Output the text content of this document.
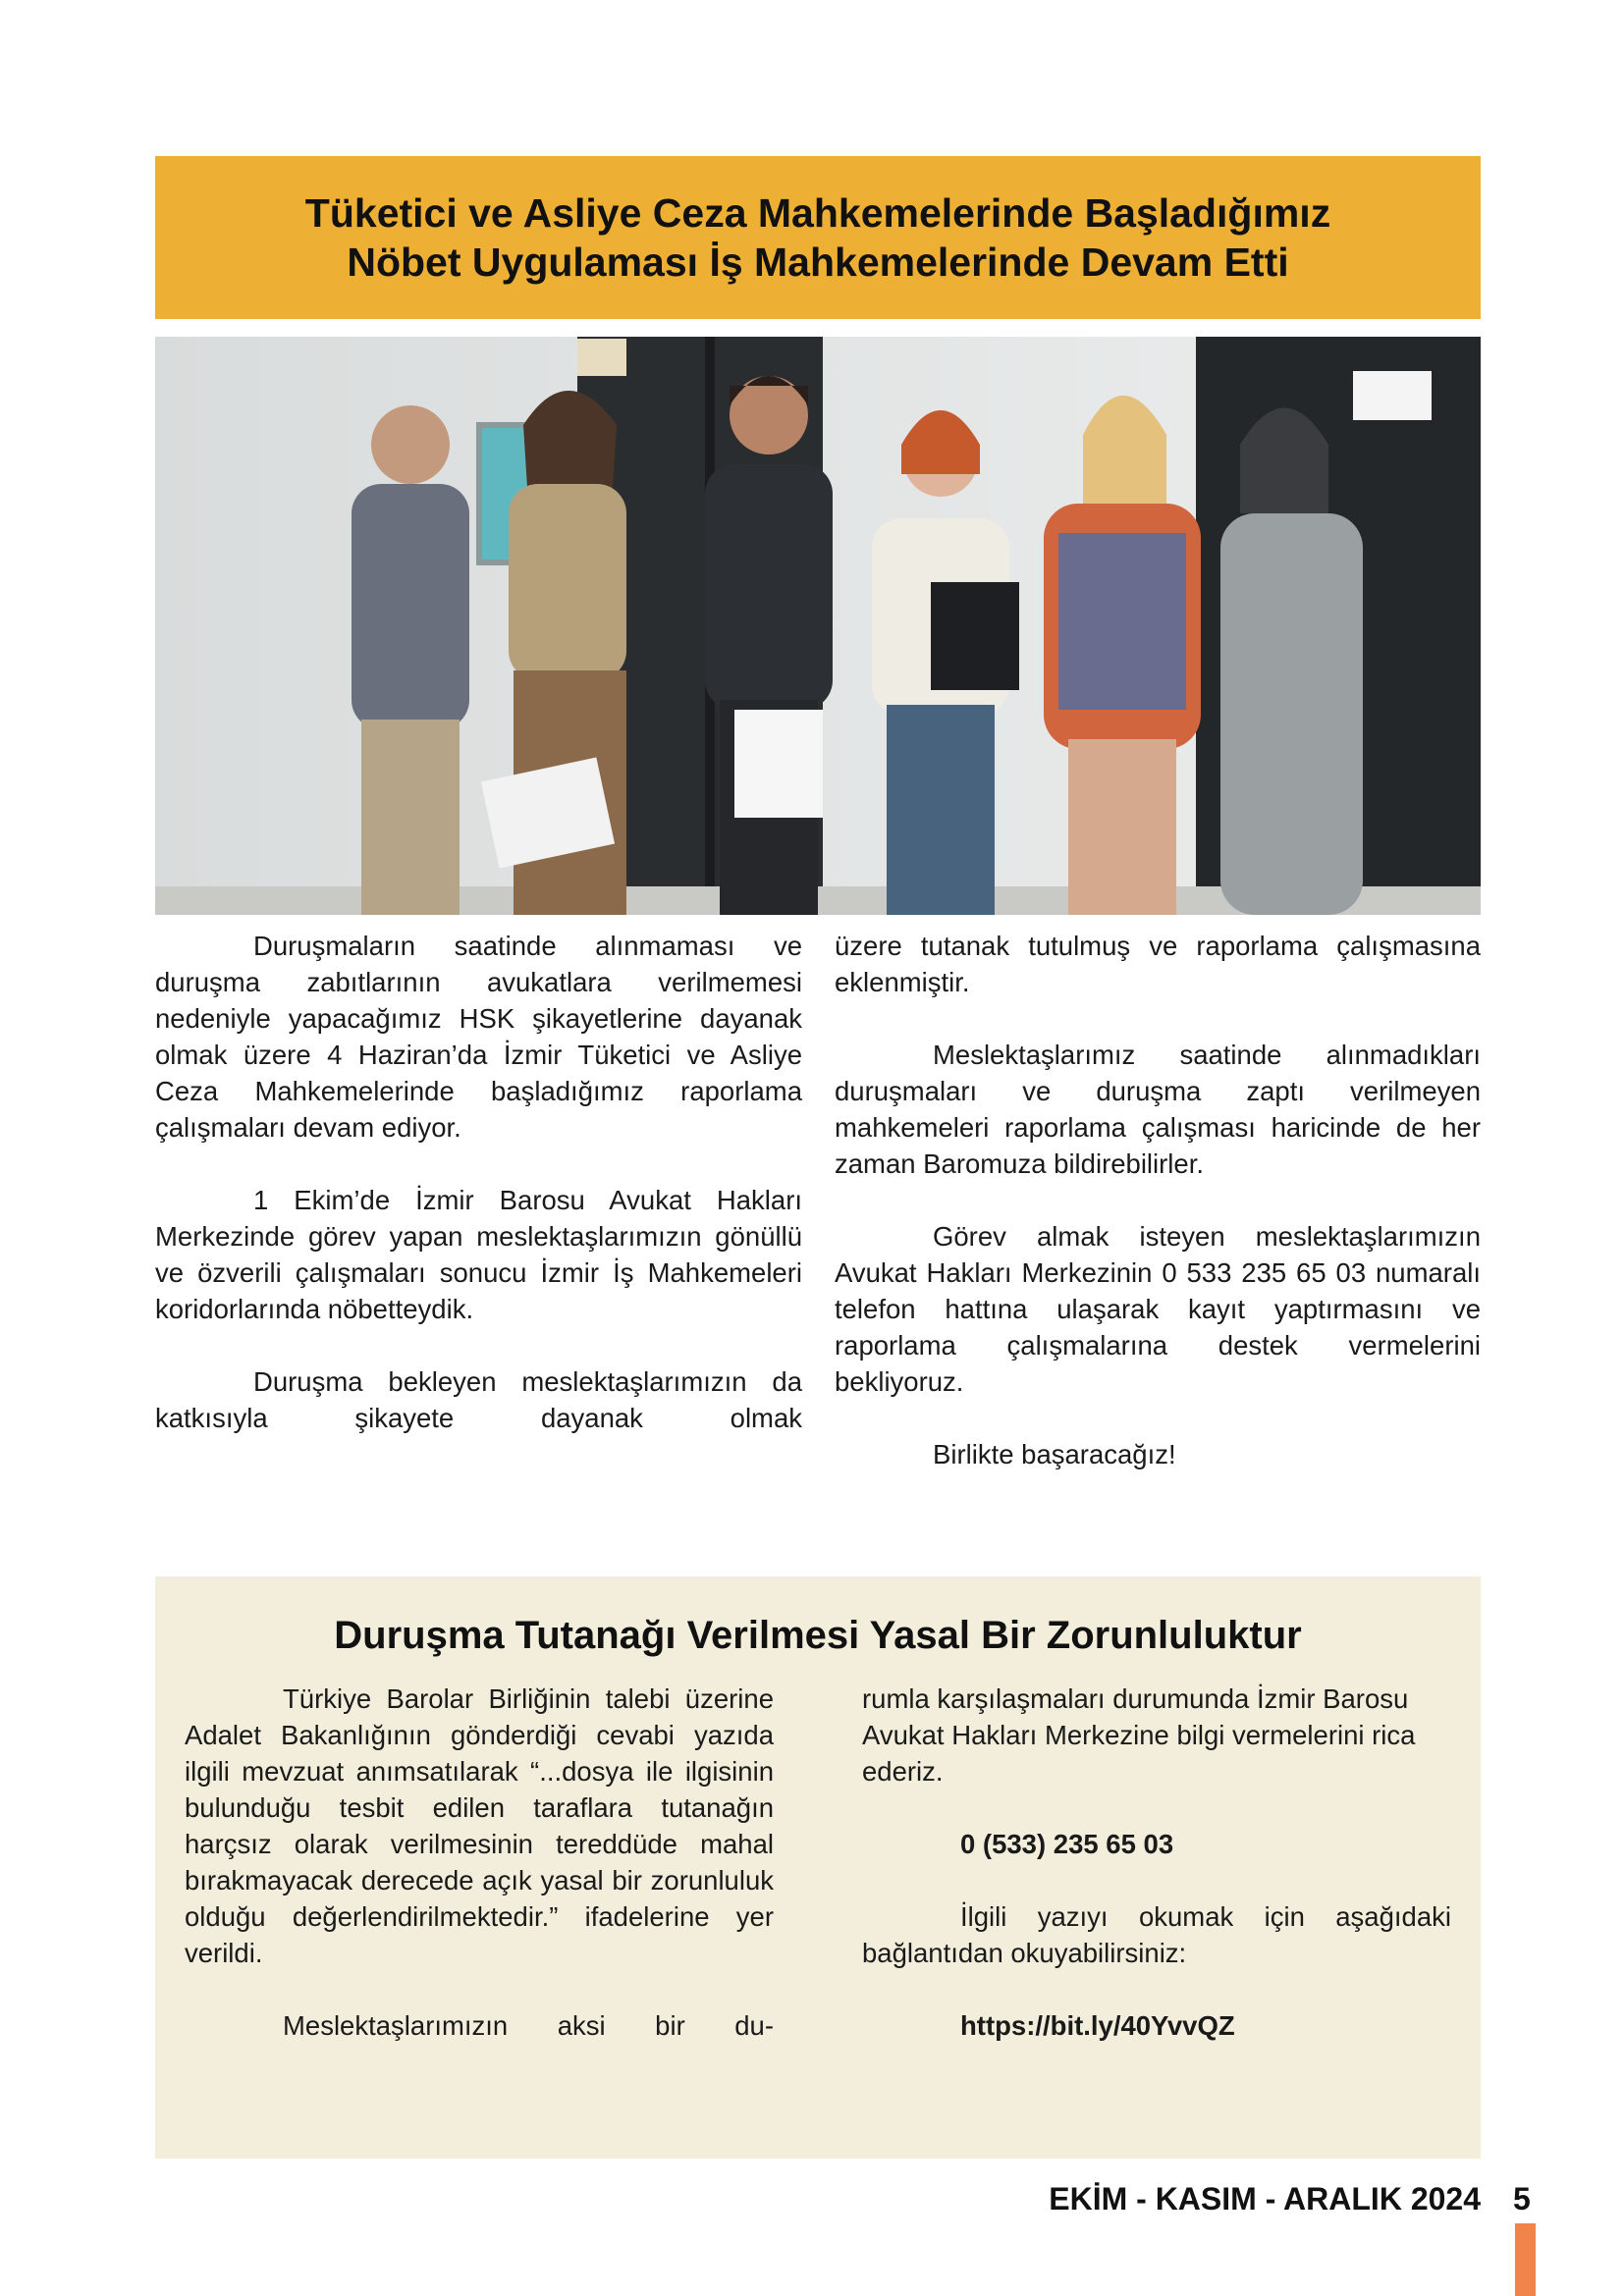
Tüketici ve Asliye Ceza Mahkemelerinde Başladığımız
Nöbet Uygulaması İş Mahkemelerinde Devam Etti

Duruşmaların saatinde alınmaması ve duruşma zabıtlarının avukatlara verilmemesi nedeniyle yapacağımız HSK şikayetlerine dayanak olmak üzere 4 Haziran’da İzmir Tüketici ve Asliye Ceza Mahkemelerinde başladığımız raporlama çalışmaları devam ediyor.

1 Ekim’de İzmir Barosu Avukat Hakları Merkezinde görev yapan meslektaşlarımızın gönüllü ve özverili çalışmaları sonucu İzmir İş Mahkemeleri koridorlarında nöbetteydik.

Duruşma bekleyen meslektaşlarımızın da katkısıyla şikayete dayanak olmak

üzere tutanak tutulmuş ve raporlama çalışmasına eklenmiştir.

Meslektaşlarımız saatinde alınmadıkları duruşmaları ve duruşma zaptı verilmeyen mahkemeleri raporlama çalışması haricinde de her zaman Baromuza bildirebilirler.

Görev almak isteyen meslektaşlarımızın Avukat Hakları Merkezinin 0 533 235 65 03 numaralı telefon hattına ulaşarak kayıt yaptırmasını ve raporlama çalışmalarına destek vermelerini bekliyoruz.

Birlikte başaracağız!

Duruşma Tutanağı Verilmesi Yasal Bir Zorunluluktur

Türkiye Barolar Birliğinin talebi üzerine Adalet Bakanlığının gönderdiği cevabi yazıda ilgili mevzuat anımsatılarak “...dosya ile ilgisinin bulunduğu tesbit edilen taraflara tutanağın harçsız olarak verilmesinin tereddüde mahal bırakmayacak derecede açık yasal bir zorunluluk olduğu değerlendirilmektedir.” ifadelerine yer verildi.

Meslektaşlarımızın aksi bir du-

rumla karşılaşmaları durumunda İzmir Barosu Avukat Hakları Merkezine bilgi vermelerini rica ederiz.

0 (533) 235 65 03

İlgili yazıyı okumak için aşağıdaki bağlantıdan okuyabilirsiniz:

https://bit.ly/40YvvQZ

EKİM - KASIM - ARALIK 2024 5
